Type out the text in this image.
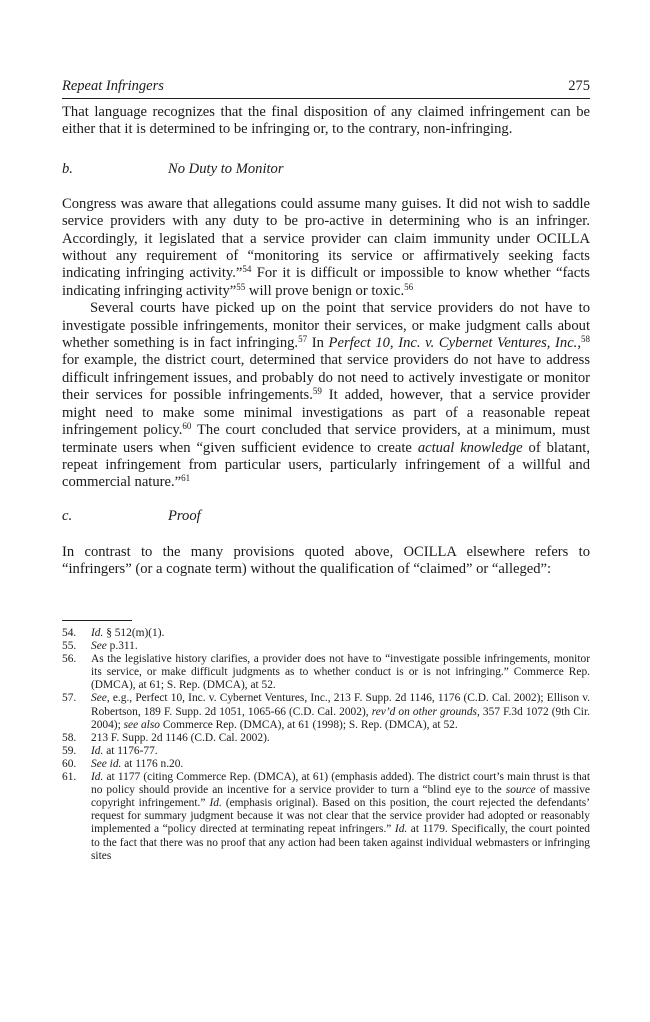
Repeat Infringers	275

That language recognizes that the final disposition of any claimed infringement can be either that it is determined to be infringing or, to the contrary, non-infringing.

b.	No Duty to Monitor

Congress was aware that allegations could assume many guises. It did not wish to saddle service providers with any duty to be pro-active in determining who is an infringer. Accordingly, it legislated that a service provider can claim immunity under OCILLA without any requirement of “monitoring its service or affirmatively seeking facts indicating infringing activity.”$^{54}$ For it is difficult or impossible to know whether “facts indicating infringing activity”$^{55}$ will prove benign or toxic.$^{56}$

Several courts have picked up on the point that service providers do not have to investigate possible infringements, monitor their services, or make judgment calls about whether something is in fact infringing.$^{57}$ In Perfect 10, Inc. v. Cybernet Ventures, Inc.,$^{58}$ for example, the district court, determined that service providers do not have to address difficult infringement issues, and probably do not need to actively investigate or monitor their services for possible infringements.$^{59}$ It added, however, that a service provider might need to make some minimal investigations as part of a reasonable repeat infringement policy.$^{60}$ The court concluded that service providers, at a minimum, must terminate users when “given sufficient evidence to create actual knowledge of blatant, repeat infringement from particular users, particularly infringement of a willful and commercial nature.”$^{61}$

c.	Proof

In contrast to the many provisions quoted above, OCILLA elsewhere refers to “infringers” (or a cognate term) without the qualification of “claimed” or “alleged”:

54.	Id. § 512(m)(1).
55.	See p.311.
56.	As the legislative history clarifies, a provider does not have to “investigate possible infringements, monitor its service, or make difficult judgments as to whether conduct is or is not infringing.” Commerce Rep. (DMCA), at 61; S. Rep. (DMCA), at 52.
57.	See, e.g., Perfect 10, Inc. v. Cybernet Ventures, Inc., 213 F. Supp. 2d 1146, 1176 (C.D. Cal. 2002); Ellison v. Robertson, 189 F. Supp. 2d 1051, 1065-66 (C.D. Cal. 2002), rev’d on other grounds, 357 F.3d 1072 (9th Cir. 2004); see also Commerce Rep. (DMCA), at 61 (1998); S. Rep. (DMCA), at 52.
58.	213 F. Supp. 2d 1146 (C.D. Cal. 2002).
59.	Id. at 1176-77.
60.	See id. at 1176 n.20.
61.	Id. at 1177 (citing Commerce Rep. (DMCA), at 61) (emphasis added). The district court’s main thrust is that no policy should provide an incentive for a service provider to turn a “blind eye to the source of massive copyright infringement.” Id. (emphasis original). Based on this position, the court rejected the defendants’ request for summary judgment because it was not clear that the service provider had adopted or reasonably implemented a “policy directed at terminating repeat infringers.” Id. at 1179. Specifically, the court pointed to the fact that there was no proof that any action had been taken against individual webmasters or infringing sites
